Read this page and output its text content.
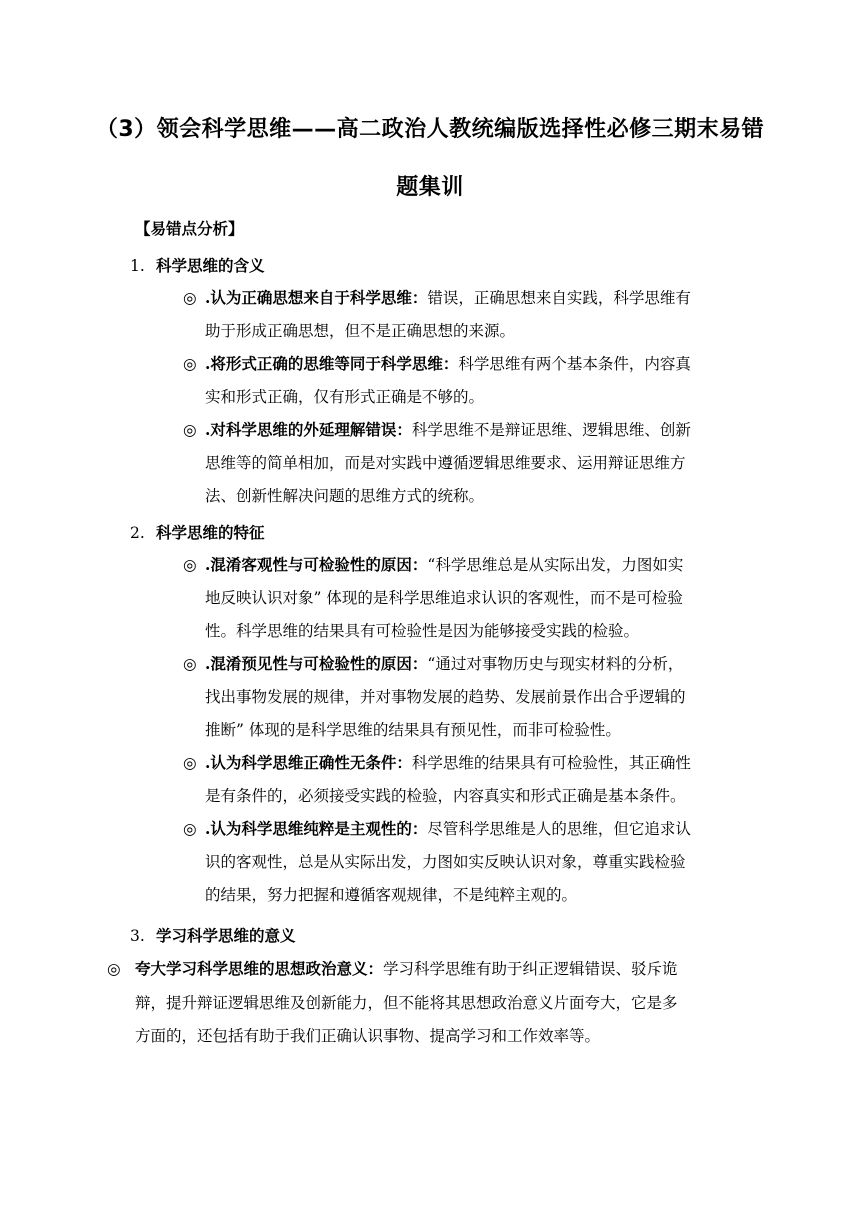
（3）领会科学思维——高二政治人教统编版选择性必修三期末易错
题集训
【易错点分析】
1. 科学思维的含义
◎ .认为正确思想来自于科学思维：错误，正确思想来自实践，科学思维有
助于形成正确思想，但不是正确思想的来源。
◎ .将形式正确的思维等同于科学思维：科学思维有两个基本条件，内容真
实和形式正确，仅有形式正确是不够的。
◎ .对科学思维的外延理解错误：科学思维不是辩证思维、逻辑思维、创新
思维等的简单相加，而是对实践中遵循逻辑思维要求、运用辩证思维方
法、创新性解决问题的思维方式的统称。
2. 科学思维的特征
◎ .混淆客观性与可检验性的原因：“科学思维总是从实际出发，力图如实
地反映认识对象” 体现的是科学思维追求认识的客观性，而不是可检验
性。科学思维的结果具有可检验性是因为能够接受实践的检验。
◎ .混淆预见性与可检验性的原因：“通过对事物历史与现实材料的分析，
找出事物发展的规律，并对事物发展的趋势、发展前景作出合乎逻辑的
推断” 体现的是科学思维的结果具有预见性，而非可检验性。
◎ .认为科学思维正确性无条件：科学思维的结果具有可检验性，其正确性
是有条件的，必须接受实践的检验，内容真实和形式正确是基本条件。
◎ .认为科学思维纯粹是主观性的：尽管科学思维是人的思维，但它追求认
识的客观性，总是从实际出发，力图如实反映认识对象，尊重实践检验
的结果，努力把握和遵循客观规律，不是纯粹主观的。
3. 学习科学思维的意义
◎ 夸大学习科学思维的思想政治意义：学习科学思维有助于纠正逻辑错误、驳斥诡
辩，提升辩证逻辑思维及创新能力，但不能将其思想政治意义片面夸大，它是多
方面的，还包括有助于我们正确认识事物、提高学习和工作效率等。
